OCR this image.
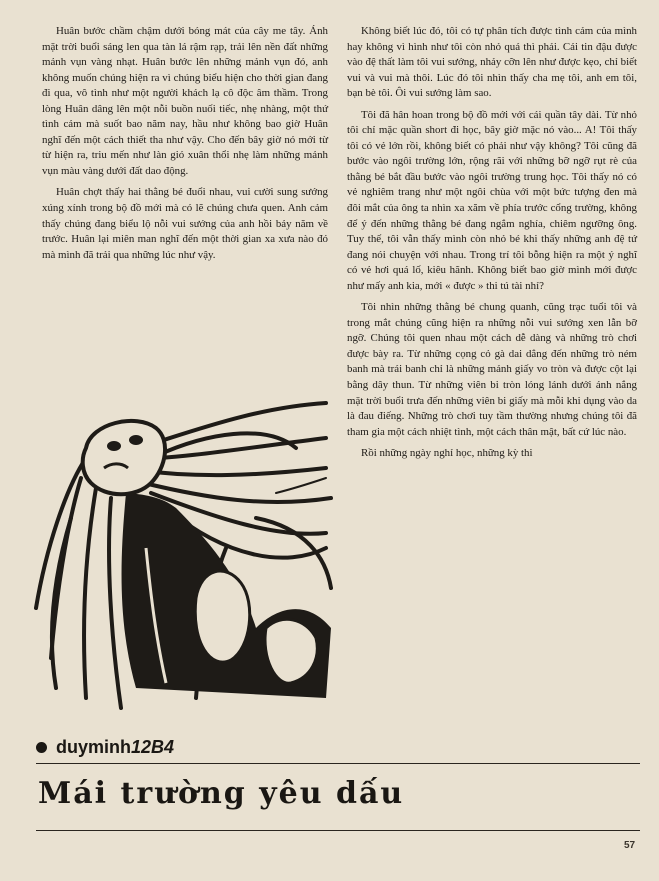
Huân bước chầm chậm dưới bóng mát của cây me tây. Ánh mặt trời buổi sáng len qua tàn lá rậm rạp, trải lên nền đất những mảnh vụn vàng nhạt. Huân bước lên những mảnh vụn đó, anh không muốn chúng hiện ra vì chúng biểu hiện cho thời gian đang đi qua, vô tình như một người khách lạ cô độc âm thầm. Trong lòng Huân dâng lên một nỗi buồn nuối tiếc, nhẹ nhàng, một thứ tình cảm mà suốt bao năm nay, hầu như không bao giờ Huân nghĩ đến một cách thiết tha như vậy. Cho đến bây giờ nó mới từ từ hiện ra, triu mến như làn gió xuân thổi nhẹ làm những mảnh vụn màu vàng dưới đất dao động.

Huân chợt thấy hai thằng bé đuổi nhau, vui cười sung sướng xúng xính trong bộ đồ mới mà có lẽ chúng chưa quen. Anh cảm thấy chúng đang biểu lộ nỗi vui sướng của anh hồi bảy năm về trước. Huân lại miên man nghĩ đến một thời gian xa xưa nào đó mà mình đã trải qua những lúc như vậy.

Không biết lúc đó, tôi có tự phân tích được tình cảm của mình hay không vì hình như tôi còn nhỏ quá thì phải. Cái tin đậu được vào đệ thất làm tôi vui sướng, nhảy cỡn lên như được kẹo, chỉ biết vui và vui mà thôi. Lúc đó tôi nhìn thấy cha mẹ tôi, anh em tôi, bạn bè tôi. Ôi vui sướng làm sao.

Tôi đã hân hoan trong bộ đồ mới với cái quần tây dài. Từ nhỏ tôi chỉ mặc quần short đi học, bây giờ mặc nó vào... A! Tôi thấy tôi có vẻ lớn rồi, không biết có phải như vậy không? Tôi cũng đã bước vào ngôi trường lớn, rộng rãi với những bỡ ngỡ rụt rè của thằng bé bắt đầu bước vào ngôi trường trung học. Tôi thấy nó có vẻ nghiêm trang như một ngôi chùa với một bức tượng đen mà đôi mắt của ông ta nhìn xa xăm về phía trước cổng trường, không để ý đến những thằng bé đang ngắm nghía, chiêm ngưỡng ông. Tuy thế, tôi vẫn thấy mình còn nhỏ bé khi thấy những anh đệ tứ đang nói chuyện với nhau. Trong trí tôi bỗng hiện ra một ý nghĩ có vẻ hơi quá lố, kiêu hãnh. Không biết bao giờ mình mới được như mấy anh kia, mới « được » thi tú tài nhỉ?

Tôi nhìn những thằng bé chung quanh, cũng trạc tuổi tôi và trong mắt chúng cũng hiện ra những nỗi vui sướng xen lẫn bỡ ngỡ. Chúng tôi quen nhau một cách dễ dàng và những trò chơi được bày ra. Từ những cọng cỏ gà dai dẳng đến những trò ném banh mà trái banh chỉ là những mảnh giấy vo tròn và được cột lại bằng dây thun. Từ những viên bi tròn lóng lánh dưới ánh nắng mặt trời buổi trưa đến những viên bi giấy mà mỗi khi dụng vào da là đau điếng. Những trò chơi tuy tầm thường nhưng chúng tôi đã tham gia một cách nhiệt tình, một cách thân mật, bất cứ lúc nào.

Rồi những ngày nghỉ học, những kỳ thi

duyminh 12B4
Mái trường yêu dấu
57
